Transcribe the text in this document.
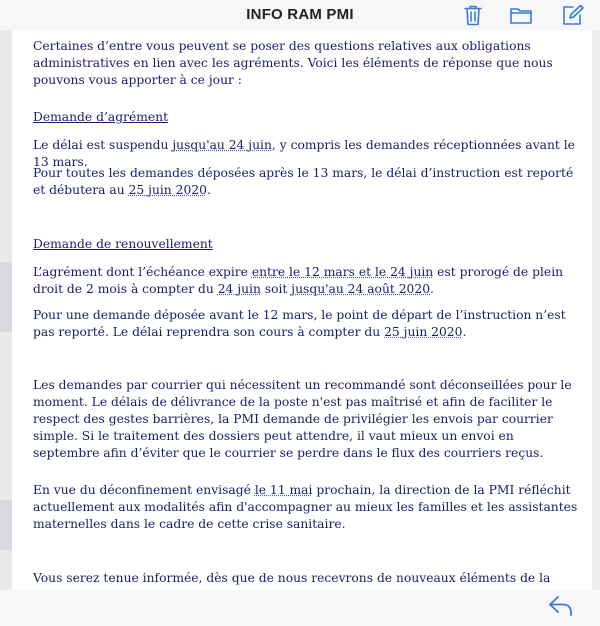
INFO RAM PMI

Certaines d’entre vous peuvent se poser des questions relatives aux obligations administratives en lien avec les agréments. Voici les éléments de réponse que nous pouvons vous apporter à ce jour :

Demande d’agrément

Le délai est suspendu jusqu'au 24 juin, y compris les demandes réceptionnées avant le 13 mars.

Pour toutes les demandes déposées après le 13 mars, le délai d’instruction est reporté et débutera au 25 juin 2020.

Demande de renouvellement

L’agrément dont l’échéance expire entre le 12 mars et le 24 juin est prorogé de plein droit de 2 mois à compter du 24 juin soit jusqu'au 24 août 2020.

Pour une demande déposée avant le 12 mars, le point de départ de l’instruction n’est pas reporté. Le délai reprendra son cours à compter du 25 juin 2020.

Les demandes par courrier qui nécessitent un recommandé sont déconseillées pour le moment. Le délais de délivrance de la poste n'est pas maîtrisé et afin de faciliter le respect des gestes barrières, la PMI demande de privilégier les envois par courrier simple. Si le traitement des dossiers peut attendre, il vaut mieux un envoi en septembre afin d’éviter que le courrier se perdre dans le flux des courriers reçus.

En vue du déconfinement envisagé le 11 mai prochain, la direction de la PMI réfléchit actuellement aux modalités afin d'accompagner au mieux les familles et les assistantes maternelles dans le cadre de cette crise sanitaire.

Vous serez tenue informée, dès que de nous recevrons de nouveaux éléments de la
